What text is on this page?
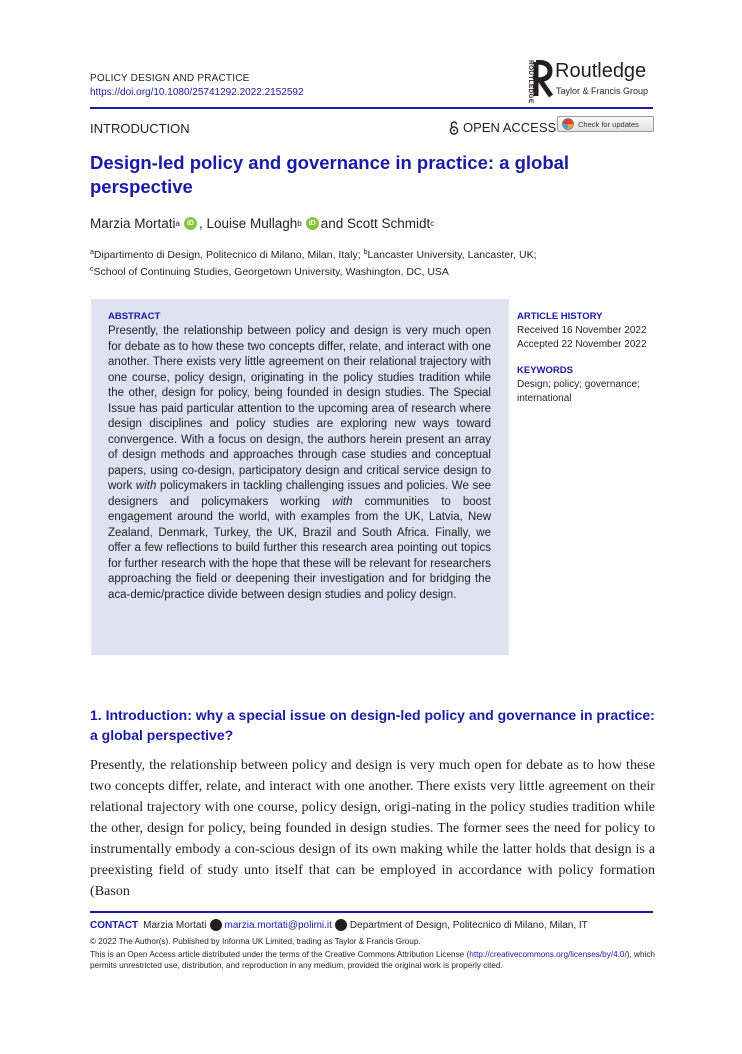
POLICY DESIGN AND PRACTICE
https://doi.org/10.1080/25741292.2022.2152592	ROUTLEDGE Routledge
Taylor & Francis Group
INTRODUCTION	OPEN ACCESS	Check for updates
Design-led policy and governance in practice: a global perspective
Marzia Mortati a	iD , Louise Mullagh b	iD and Scott Schmidt c
$^a$Dipartimento di Design, Politecnico di Milano, Milan, Italy; $^b$Lancaster University, Lancaster, UK;
$^c$School of Continuing Studies, Georgetown University, Washington, DC, USA
ABSTRACT

Presently, the relationship between policy and design is very much open for debate as to how these two concepts differ, relate, and interact with one another. There exists very little agreement on their relational trajectory with one course, policy design, originating in the policy studies tradition while the other, design for policy, being founded in design studies. The Special Issue has paid particular attention to the upcoming area of research where design disciplines and policy studies are exploring new ways toward convergence. With a focus on design, the authors herein present an array of design methods and approaches through case studies and conceptual papers, using co-design, participatory design and critical service design to work with policymakers in tackling challenging issues and policies. We see designers and policymakers working with communities to boost engagement around the world, with examples from the UK, Latvia, New Zealand, Denmark, Turkey, the UK, Brazil and South Africa. Finally, we offer a few reflections to build further this research area pointing out topics for further research with the hope that these will be relevant for researchers approaching the field or deepening their investigation and for bridging the aca-demic/practice divide between design studies and policy design.

ARTICLE HISTORY
Received 16 November 2022
Accepted 22 November 2022
KEYWORDS
Design; policy; governance;
international
1. Introduction: why a special issue on design-led policy and governance in practice: a global perspective?

Presently, the relationship between policy and design is very much open for debate as to how these two concepts differ, relate, and interact with one another. There exists very little agreement on their relational trajectory with one course, policy design, origi-nating in the policy studies tradition while the other, design for policy, being founded in design studies. The former sees the need for policy to instrumentally embody a con-scious design of its own making while the latter holds that design is a preexisting field of study unto itself that can be employed in accordance with policy formation (Bason

CONTACT Marzia Mortati marzia.mortati@polimi.it Department of Design, Politecnico di Milano, Milan, IT
© 2022 The Author(s). Published by Informa UK Limited, trading as Taylor & Francis Group.

This is an Open Access article distributed under the terms of the Creative Commons Attribution License (http://creativecommons.org/licenses/by/4.0/), which permits unrestricted use, distribution, and reproduction in any medium, provided the original work is properly cited.
